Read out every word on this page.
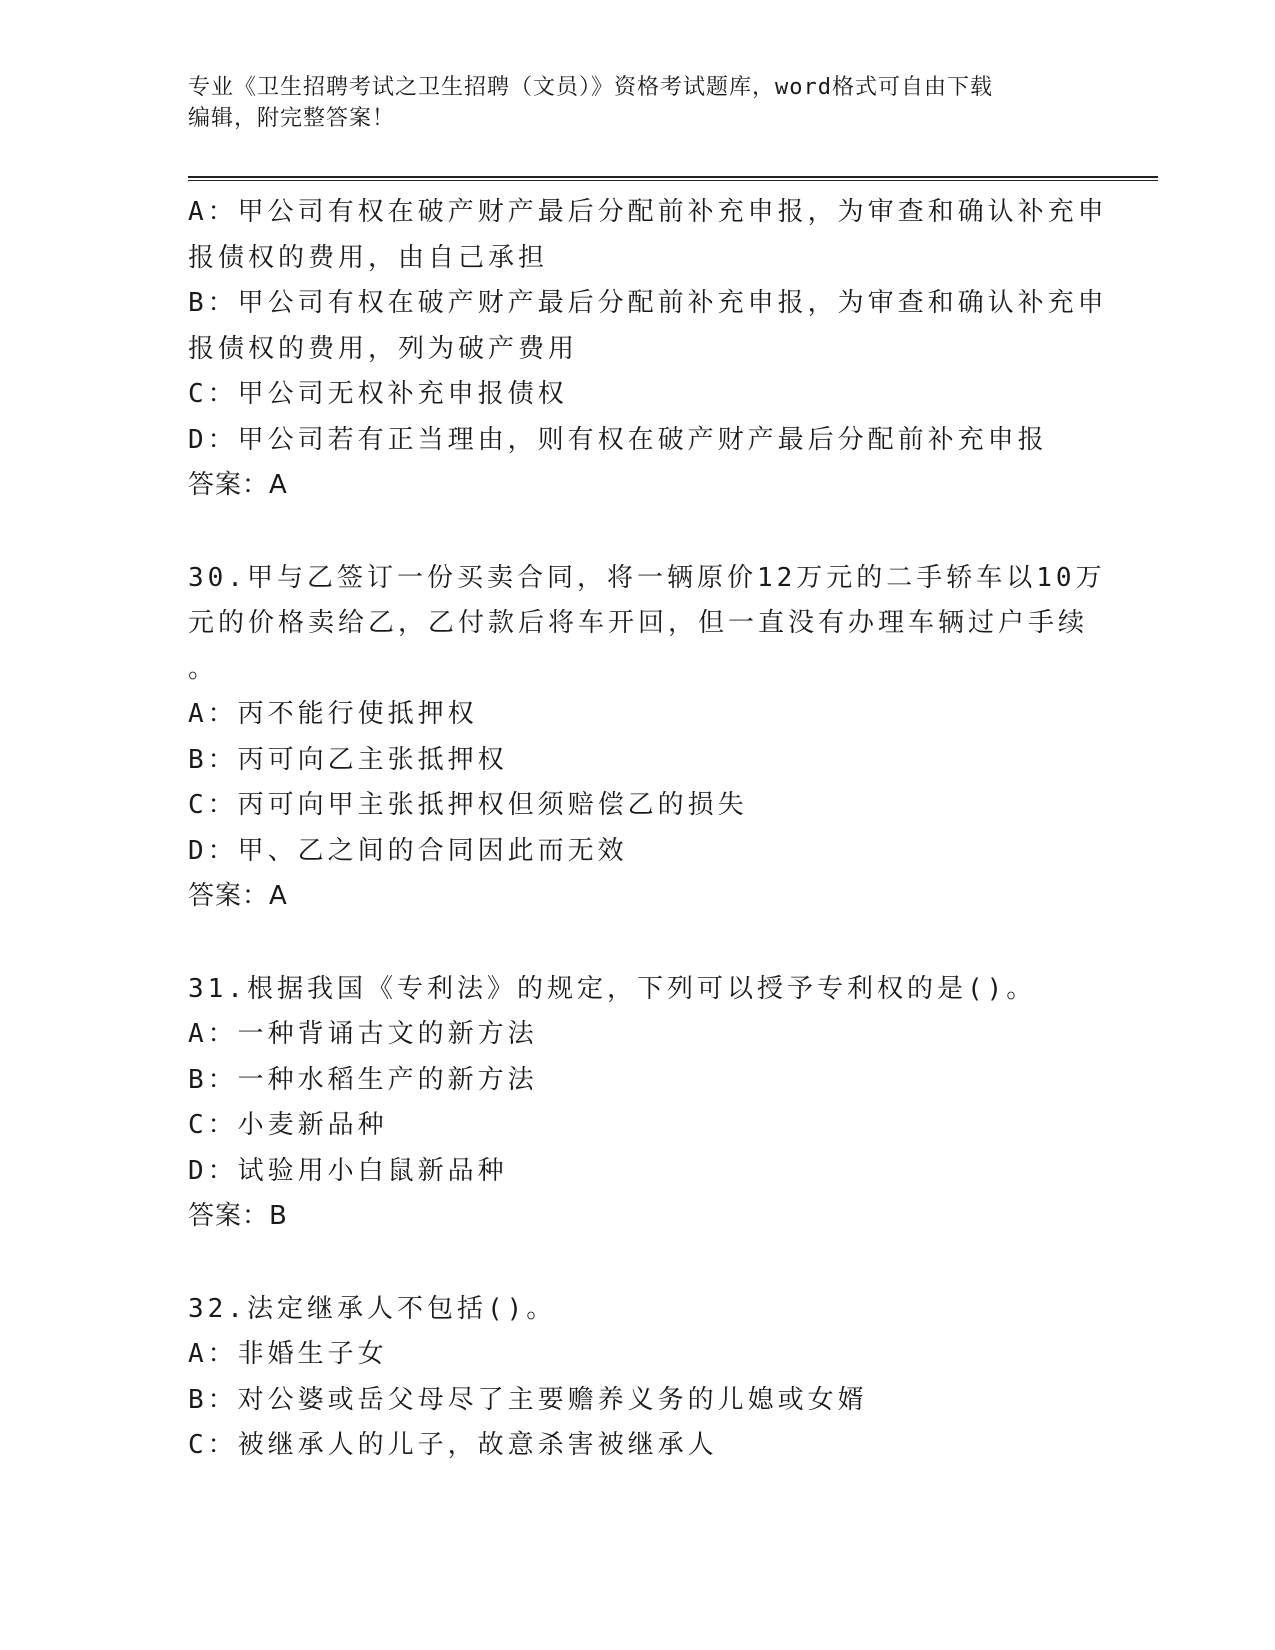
专业《卫生招聘考试之卫生招聘（文员）》资格考试题库，word格式可自由下载

编辑，附完整答案！

A：甲公司有权在破产财产最后分配前补充申报，为审查和确认补充申
报债权的费用，由自己承担
B：甲公司有权在破产财产最后分配前补充申报，为审查和确认补充申
报债权的费用，列为破产费用
C：甲公司无权补充申报债权
D：甲公司若有正当理由，则有权在破产财产最后分配前补充申报
答案：A
30.甲与乙签订一份买卖合同，将一辆原价12万元的二手轿车以10万
元的价格卖给乙，乙付款后将车开回，但一直没有办理车辆过户手续
。
A：丙不能行使抵押权
B：丙可向乙主张抵押权
C：丙可向甲主张抵押权但须赔偿乙的损失
D：甲、乙之间的合同因此而无效
答案：A
31.根据我国《专利法》的规定，下列可以授予专利权的是()。
A：一种背诵古文的新方法
B：一种水稻生产的新方法
C：小麦新品种
D：试验用小白鼠新品种
答案：B
32.法定继承人不包括()。
A：非婚生子女
B：对公婆或岳父母尽了主要赡养义务的儿媳或女婿
C：被继承人的儿子，故意杀害被继承人
